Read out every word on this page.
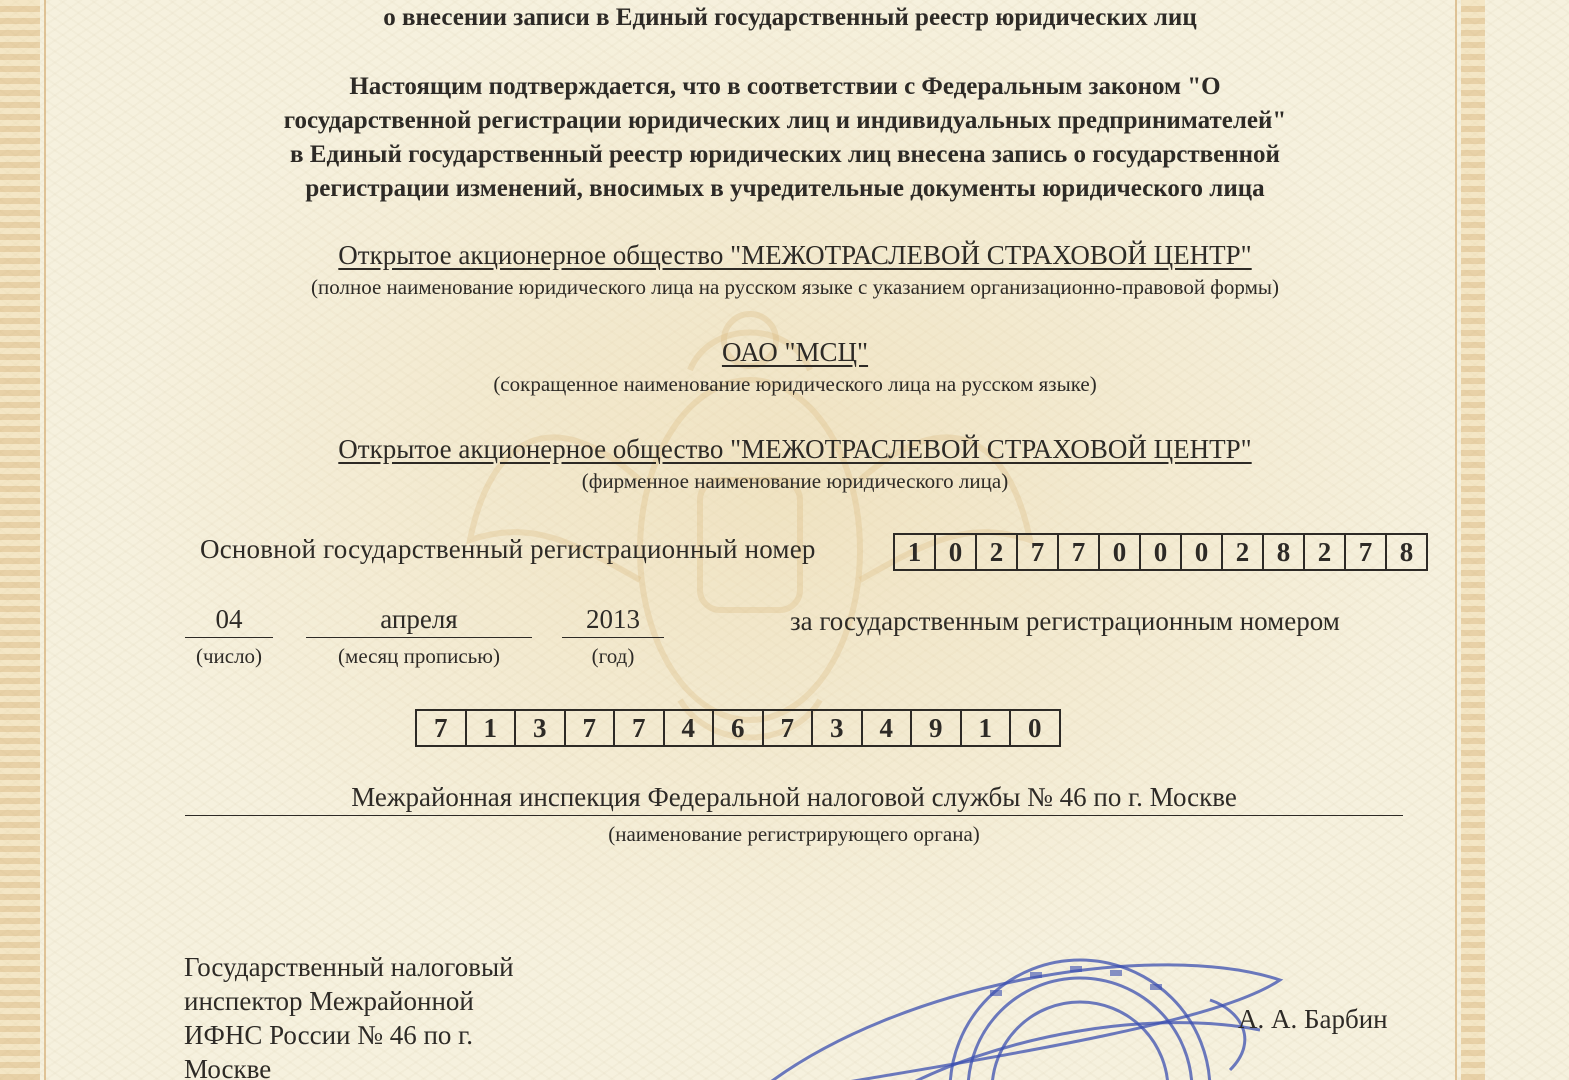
о внесении записи в Единый государственный реестр юридических лиц
Настоящим подтверждается, что в соответствии с Федеральным законом "О
государственной регистрации юридических лиц и индивидуальных предпринимателей"
в Единый государственный реестр юридических лиц внесена запись о государственной
регистрации изменений, вносимых в учредительные документы юридического лица
Открытое акционерное общество "МЕЖОТРАСЛЕВОЙ СТРАХОВОЙ ЦЕНТР"
(полное наименование юридического лица на русском языке с указанием организационно-правовой формы)
ОАО "МСЦ"
(сокращенное наименование юридического лица на русском языке)
Открытое акционерное общество "МЕЖОТРАСЛЕВОЙ СТРАХОВОЙ ЦЕНТР"
(фирменное наименование юридического лица)
Основной государственный регистрационный номер	1	0	2	7	7	0	0	0	2	8	2	7	8
04
(число)
апреля
(месяц прописью)
2013
(год)
за государственным регистрационным номером
7	1	3	7	7	4	6	7	3	4	9	1	0
Межрайонная инспекция Федеральной налоговой службы № 46 по г. Москве
(наименование регистрирующего органа)
Государственный налоговый
инспектор Межрайонной
ИФНС России № 46 по г.
Москве
А. А. Барбин
